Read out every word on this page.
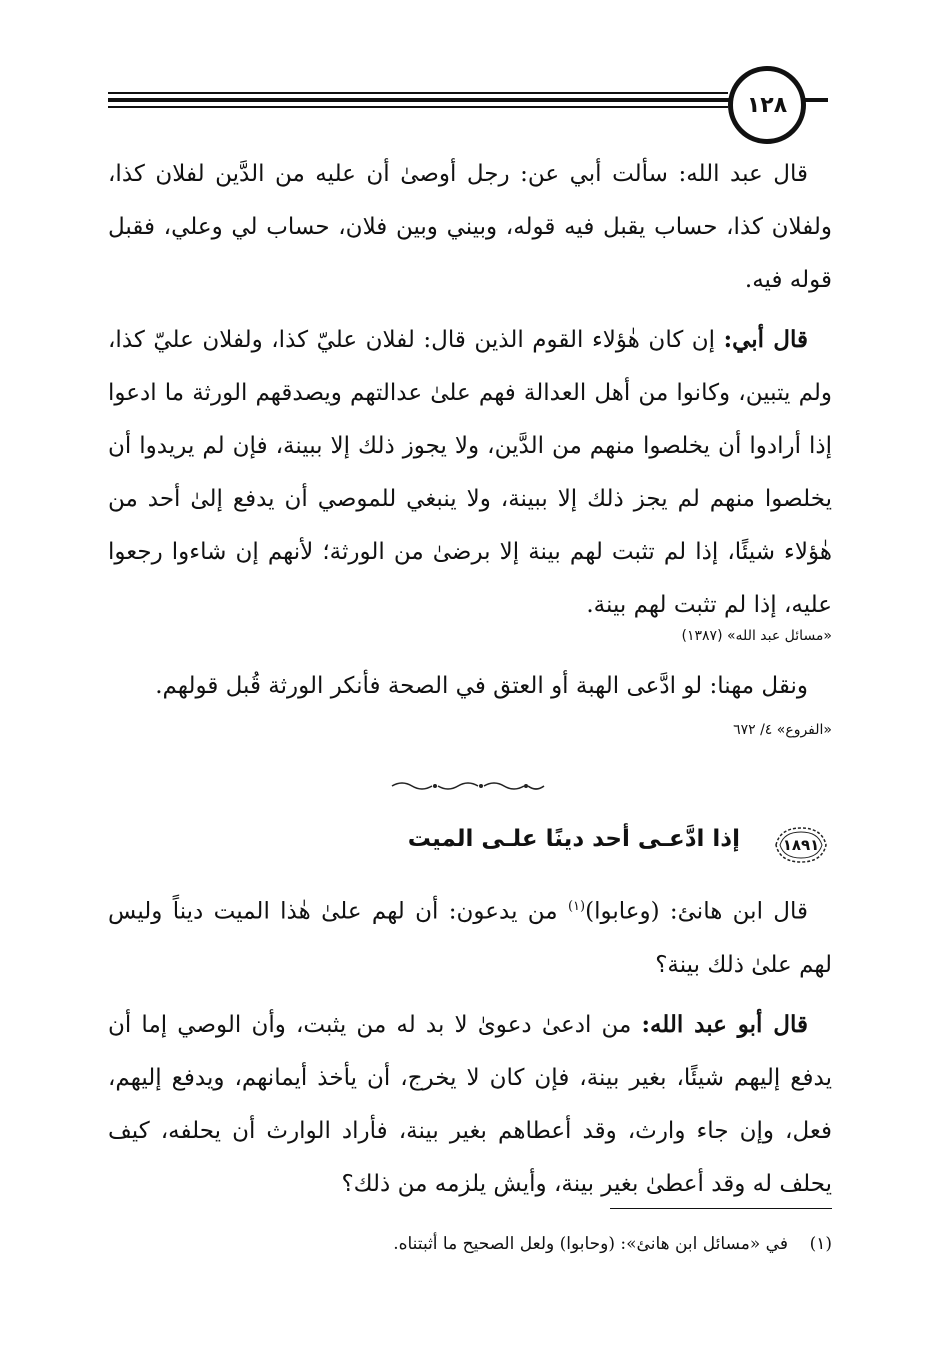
١٢٨

قال عبد الله: سألت أبي عن: رجل أوصىٰ أن عليه من الدَّين لفلان كذا، ولفلان كذا، حساب يقبل فيه قوله، وبيني وبين فلان، حساب لي وعلي، فقبل قوله فيه.

قال أبي: إن كان هٰؤلاء القوم الذين قال: لفلان عليّ كذا، ولفلان عليّ كذا، ولم يتبين، وكانوا من أهل العدالة فهم علىٰ عدالتهم ويصدقهم الورثة ما ادعوا إذا أرادوا أن يخلصوا منهم من الدَّين، ولا يجوز ذلك إلا ببينة، فإن لم يريدوا أن يخلصوا منهم لم يجز ذلك إلا ببينة، ولا ينبغي للموصي أن يدفع إلىٰ أحد من هٰؤلاء شيئًا، إذا لم تثبت لهم بينة إلا برضىٰ من الورثة؛ لأنهم إن شاءوا رجعوا عليه، إذا لم تثبت لهم بينة.

«مسائل عبد الله» (١٣٨٧)

ونقل مهنا: لو ادَّعى الهبة أو العتق في الصحة فأنكر الورثة قُبل قولهم.

«الفروع» ٤/ ٦٧٢
١٨٩١
إذا ادَّعـى أحد دينًا علـى الميت

قال ابن هانئ: (وعابوا)$^{(١)}$ من يدعون: أن لهم علىٰ هٰذا الميت ديناً وليس لهم علىٰ ذلك بينة؟

قال أبو عبد الله: من ادعىٰ دعوىٰ لا بد له من يثبت، وأن الوصي إما أن يدفع إليهم شيئًا، بغير بينة، فإن كان لا يخرج، أن يأخذ أيمانهم، ويدفع إليهم، فعل، وإن جاء وارث، وقد أعطاهم بغير بينة، فأراد الوارث أن يحلفه، كيف يحلف له وقد أعطىٰ بغير بينة، وأيش يلزمه من ذلك؟

(١)    في «مسائل ابن هانئ»: (وحابوا) ولعل الصحيح ما أثبتناه.
